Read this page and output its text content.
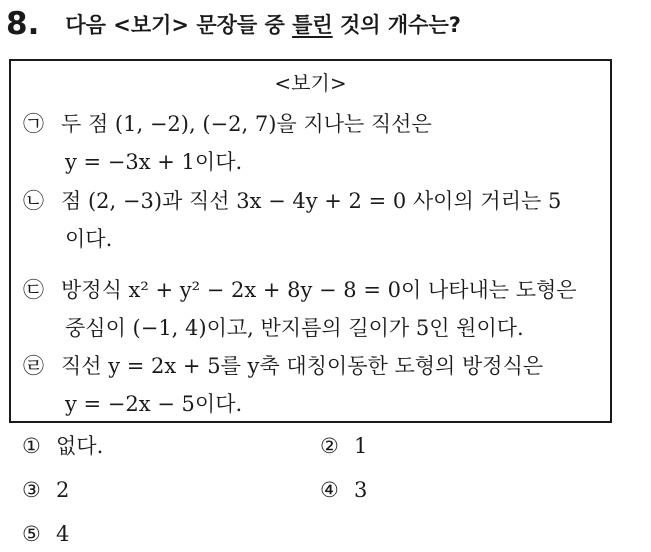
8. 다음 <보기> 문장들 중 틀린 것의 개수는?
<보기>
㉠ 두 점 (1, −2), (−2, 7)을 지나는 직선은
y = −3x + 1이다.
㉡ 점 (2, −3)과 직선 3x − 4y + 2 = 0 사이의 거리는 5
이다.
㉢ 방정식 x² + y² − 2x + 8y − 8 = 0이 나타내는 도형은
중심이 (−1, 4)이고, 반지름의 길이가 5인 원이다.
㉣ 직선 y = 2x + 5를 y축 대칭이동한 도형의 방정식은
y = −2x − 5이다.
① 없다.	② 1
③ 2	④ 3
⑤ 4
